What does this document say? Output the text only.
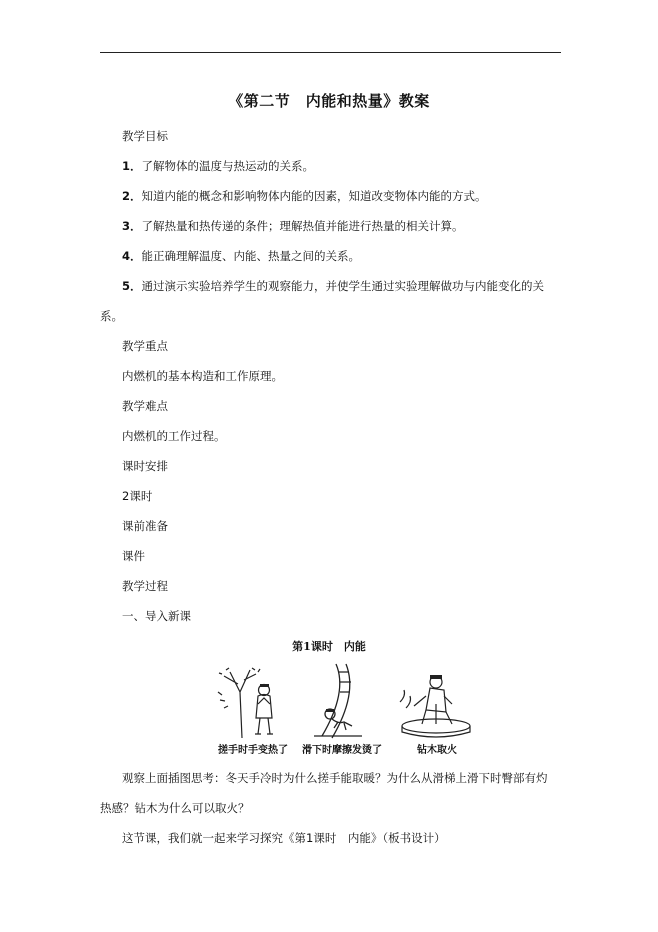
《第二节　内能和热量》教案
教学目标
1．了解物体的温度与热运动的关系。
2．知道内能的概念和影响物体内能的因素，知道改变物体内能的方式。
3．了解热量和热传递的条件；理解热值并能进行热量的相关计算。
4．能正确理解温度、内能、热量之间的关系。
5．通过演示实验培养学生的观察能力，并使学生通过实验理解做功与内能变化的关
系。
教学重点
内燃机的基本构造和工作原理。
教学难点
内燃机的工作过程。
课时安排
2课时
课前准备
课件
教学过程
一、导入新课
第1课时　内能
搓手时手变热了	滑下时摩擦发烫了	钻木取火
观察上面插图思考：冬天手冷时为什么搓手能取暖？为什么从滑梯上滑下时臀部有灼
热感？钻木为什么可以取火？
这节课，我们就一起来学习探究《第1课时　内能》（板书设计）
